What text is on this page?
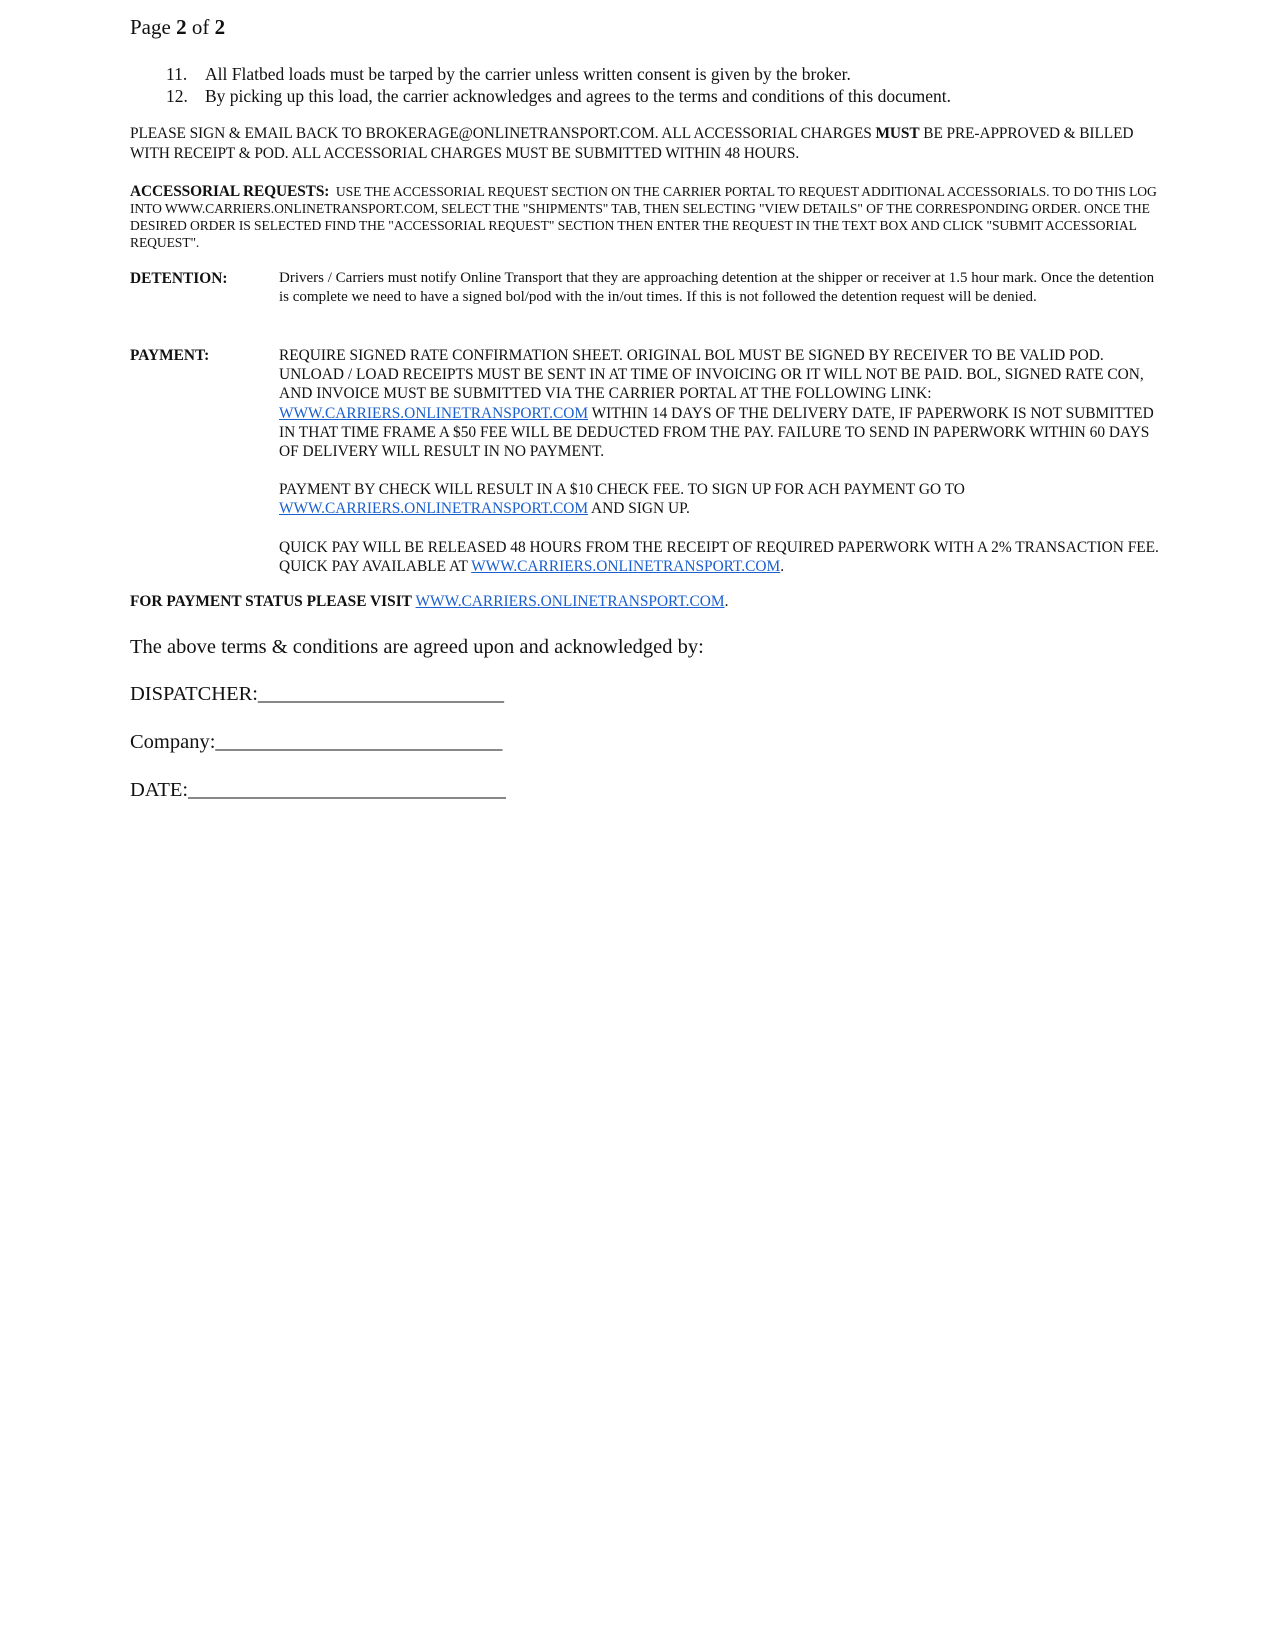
Page 2 of 2
11. All Flatbed loads must be tarped by the carrier unless written consent is given by the broker.
12. By picking up this load, the carrier acknowledges and agrees to the terms and conditions of this document.
PLEASE SIGN & EMAIL BACK TO BROKERAGE@ONLINETRANSPORT.COM. ALL ACCESSORIAL CHARGES MUST BE PRE-APPROVED & BILLED WITH RECEIPT & POD. ALL ACCESSORIAL CHARGES MUST BE SUBMITTED WITHIN 48 HOURS.
ACCESSORIAL REQUESTS:  USE THE ACCESSORIAL REQUEST SECTION ON THE CARRIER PORTAL TO REQUEST ADDITIONAL ACCESSORIALS. TO DO THIS LOG INTO WWW.CARRIERS.ONLINETRANSPORT.COM, SELECT THE "SHIPMENTS" TAB, THEN SELECTING "VIEW DETAILS" OF THE CORRESPONDING ORDER. ONCE THE DESIRED ORDER IS SELECTED FIND THE "ACCESSORIAL REQUEST" SECTION THEN ENTER THE REQUEST IN THE TEXT BOX AND CLICK "SUBMIT ACCESSORIAL REQUEST".
DETENTION:	Drivers / Carriers must notify Online Transport that they are approaching detention at the shipper or receiver at 1.5 hour mark. Once the detention is complete we need to have a signed bol/pod with the in/out times. If this is not followed the detention request will be denied.

PAYMENT:	REQUIRE SIGNED RATE CONFIRMATION SHEET. ORIGINAL BOL MUST BE SIGNED BY RECEIVER TO BE VALID POD. UNLOAD / LOAD RECEIPTS MUST BE SENT IN AT TIME OF INVOICING OR IT WILL NOT BE PAID. BOL, SIGNED RATE CON, AND INVOICE MUST BE SUBMITTED VIA THE CARRIER PORTAL AT THE FOLLOWING LINK: WWW.CARRIERS.ONLINETRANSPORT.COM WITHIN 14 DAYS OF THE DELIVERY DATE, IF PAPERWORK IS NOT SUBMITTED IN THAT TIME FRAME A $50 FEE WILL BE DEDUCTED FROM THE PAY. FAILURE TO SEND IN PAPERWORK WITHIN 60 DAYS OF DELIVERY WILL RESULT IN NO PAYMENT.

PAYMENT BY CHECK WILL RESULT IN A $10 CHECK FEE. TO SIGN UP FOR ACH PAYMENT GO TO WWW.CARRIERS.ONLINETRANSPORT.COM AND SIGN UP.

QUICK PAY WILL BE RELEASED 48 HOURS FROM THE RECEIPT OF REQUIRED PAPERWORK WITH A 2% TRANSACTION FEE. QUICK PAY AVAILABLE AT WWW.CARRIERS.ONLINETRANSPORT.COM.

FOR PAYMENT STATUS PLEASE VISIT WWW.CARRIERS.ONLINETRANSPORT.COM.
The above terms & conditions are agreed upon and acknowledged by:
DISPATCHER:________________________
Company:____________________________
DATE:_______________________________
